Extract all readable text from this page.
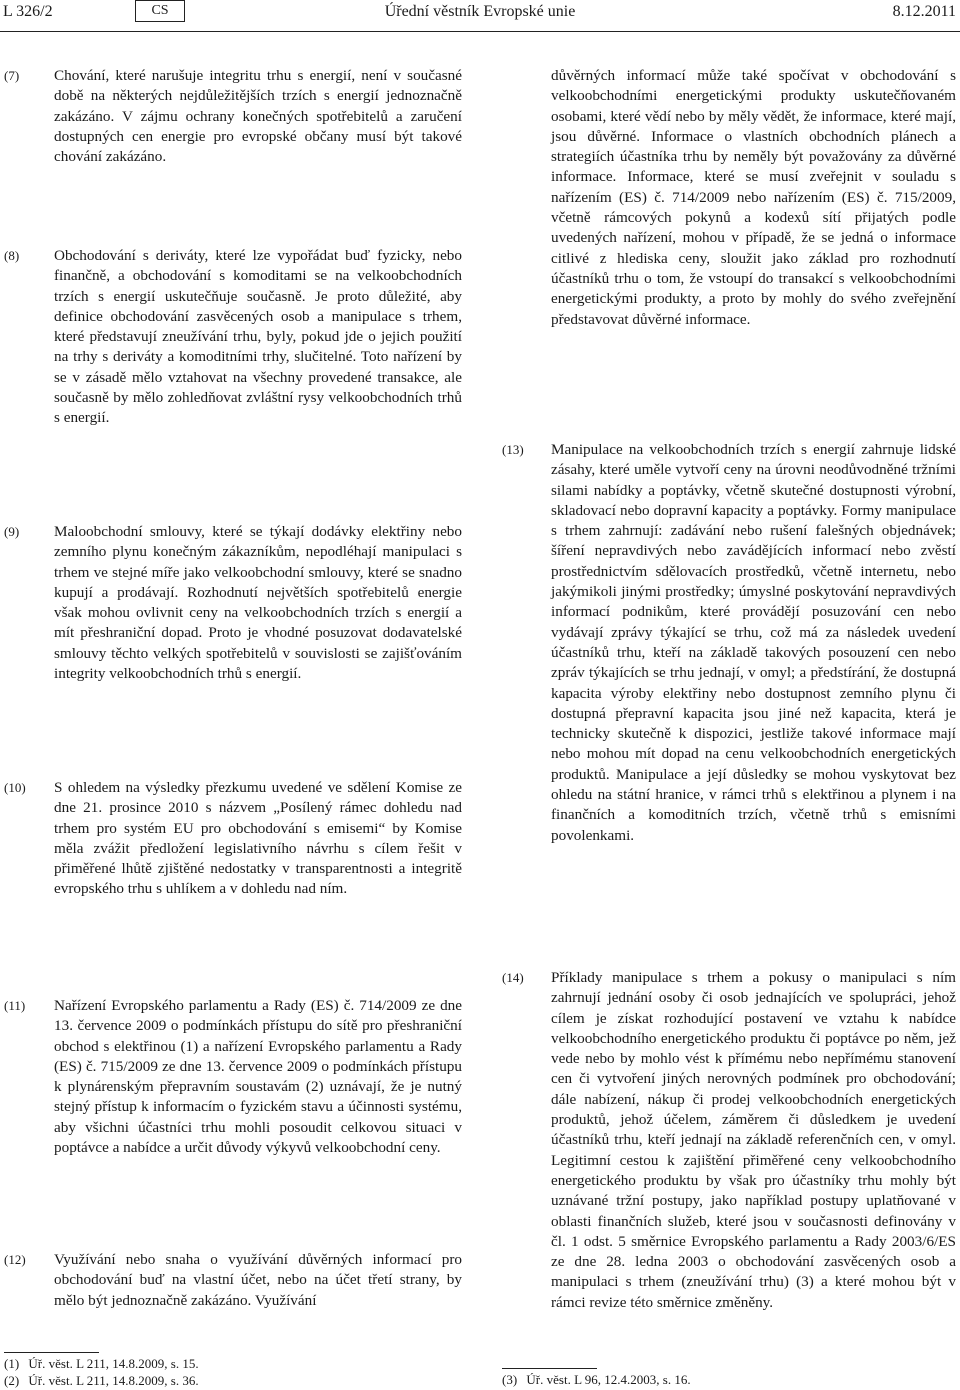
L 326/2	CS	Úřední věstník Evropské unie	8.12.2011
(7) Chování, které narušuje integritu trhu s energií, není v současné době na některých nejdůležitějších trzích s energií jednoznačně zakázáno. V zájmu ochrany konečných spotřebitelů a zaručení dostupných cen energie pro evropské občany musí být takové chování zakázáno.
(8) Obchodování s deriváty, které lze vypořádat buď fyzicky, nebo finančně, a obchodování s komoditami se na velkoobchodních trzích s energií uskutečňuje současně. Je proto důležité, aby definice obchodování zasvěcených osob a manipulace s trhem, které představují zneužívání trhu, byly, pokud jde o jejich použití na trhy s deriváty a komoditními trhy, slučitelné. Toto nařízení by se v zásadě mělo vztahovat na všechny provedené transakce, ale současně by mělo zohledňovat zvláštní rysy velkoobchodních trhů s energií.
(9) Maloobchodní smlouvy, které se týkají dodávky elektřiny nebo zemního plynu konečným zákazníkům, nepodléhají manipulaci s trhem ve stejné míře jako velkoobchodní smlouvy, které se snadno kupují a prodávají. Rozhodnutí největších spotřebitelů energie však mohou ovlivnit ceny na velkoobchodních trzích s energií a mít přeshraniční dopad. Proto je vhodné posuzovat dodavatelské smlouvy těchto velkých spotřebitelů v souvislosti se zajišťováním integrity velkoobchodních trhů s energií.
(10) S ohledem na výsledky přezkumu uvedené ve sdělení Komise ze dne 21. prosince 2010 s názvem „Posílený rámec dohledu nad trhem pro systém EU pro obchodování s emisemi“ by Komise měla zvážit předložení legislativního návrhu s cílem řešit v přiměřené lhůtě zjištěné nedostatky v transparentnosti a integritě evropského trhu s uhlíkem a v dohledu nad ním.
(11) Nařízení Evropského parlamentu a Rady (ES) č. 714/2009 ze dne 13. července 2009 o podmínkách přístupu do sítě pro přeshraniční obchod s elektřinou (1) a nařízení Evropského parlamentu a Rady (ES) č. 715/2009 ze dne 13. července 2009 o podmínkách přístupu k plynárenským přepravním soustavám (2) uznávají, že je nutný stejný přístup k informacím o fyzickém stavu a účinnosti systému, aby všichni účastníci trhu mohli posoudit celkovou situaci v poptávce a nabídce a určit důvody výkyvů velkoobchodní ceny.
(12) Využívání nebo snaha o využívání důvěrných informací pro obchodování buď na vlastní účet, nebo na účet třetí strany, by mělo být jednoznačně zakázáno. Využívání
důvěrných informací může také spočívat v obchodování s velkoobchodními energetickými produkty uskutečňovaném osobami, které vědí nebo by měly vědět, že informace, které mají, jsou důvěrné. Informace o vlastních obchodních plánech a strategiích účastníka trhu by neměly být považovány za důvěrné informace. Informace, které se musí zveřejnit v souladu s nařízením (ES) č. 714/2009 nebo nařízením (ES) č. 715/2009, včetně rámcových pokynů a kodexů sítí přijatých podle uvedených nařízení, mohou v případě, že se jedná o informace citlivé z hlediska ceny, sloužit jako základ pro rozhodnutí účastníků trhu o tom, že vstoupí do transakcí s velkoobchodními energetickými produkty, a proto by mohly do svého zveřejnění představovat důvěrné informace.
(13) Manipulace na velkoobchodních trzích s energií zahrnuje lidské zásahy, které uměle vytvoří ceny na úrovni neodůvodněné tržními silami nabídky a poptávky, včetně skutečné dostupnosti výrobní, skladovací nebo dopravní kapacity a poptávky. Formy manipulace s trhem zahrnují: zadávání nebo rušení falešných objednávek; šíření nepravdivých nebo zavádějících informací nebo zvěstí prostřednictvím sdělovacích prostředků, včetně internetu, nebo jakýmikoli jinými prostředky; úmyslné poskytování nepravdivých informací podnikům, které provádějí posuzování cen nebo vydávají zprávy týkající se trhu, což má za následek uvedení účastníků trhu, kteří na základě takových posouzení cen nebo zpráv týkajících se trhu jednají, v omyl; a předstírání, že dostupná kapacita výroby elektřiny nebo dostupnost zemního plynu či dostupná přepravní kapacita jsou jiné než kapacita, která je technicky skutečně k dispozici, jestliže takové informace mají nebo mohou mít dopad na cenu velkoobchodních energetických produktů. Manipulace a její důsledky se mohou vyskytovat bez ohledu na státní hranice, v rámci trhů s elektřinou a plynem i na finančních a komoditních trzích, včetně trhů s emisními povolenkami.
(14) Příklady manipulace s trhem a pokusy o manipulaci s ním zahrnují jednání osoby či osob jednajících ve spolupráci, jehož cílem je získat rozhodující postavení ve vztahu k nabídce velkoobchodního energetického produktu či poptávce po něm, jež vede nebo by mohlo vést k přímému nebo nepřímému stanovení cen či vytvoření jiných nerovných podmínek pro obchodování; dále nabízení, nákup či prodej velkoobchodních energetických produktů, jehož účelem, záměrem či důsledkem je uvedení účastníků trhu, kteří jednají na základě referenčních cen, v omyl. Legitimní cestou k zajištění přiměřené ceny velkoobchodního energetického produktu by však pro účastníky trhu mohly být uznávané tržní postupy, jako například postupy uplatňované v oblasti finančních služeb, které jsou v současnosti definovány v čl. 1 odst. 5 směrnice Evropského parlamentu a Rady 2003/6/ES ze dne 28. ledna 2003 o obchodování zasvěcených osob a manipulaci s trhem (zneužívání trhu) (3) a které mohou být v rámci revize této směrnice změněny.
(1) Úř. věst. L 211, 14.8.2009, s. 15.
(2) Úř. věst. L 211, 14.8.2009, s. 36.	(3) Úř. věst. L 96, 12.4.2003, s. 16.
